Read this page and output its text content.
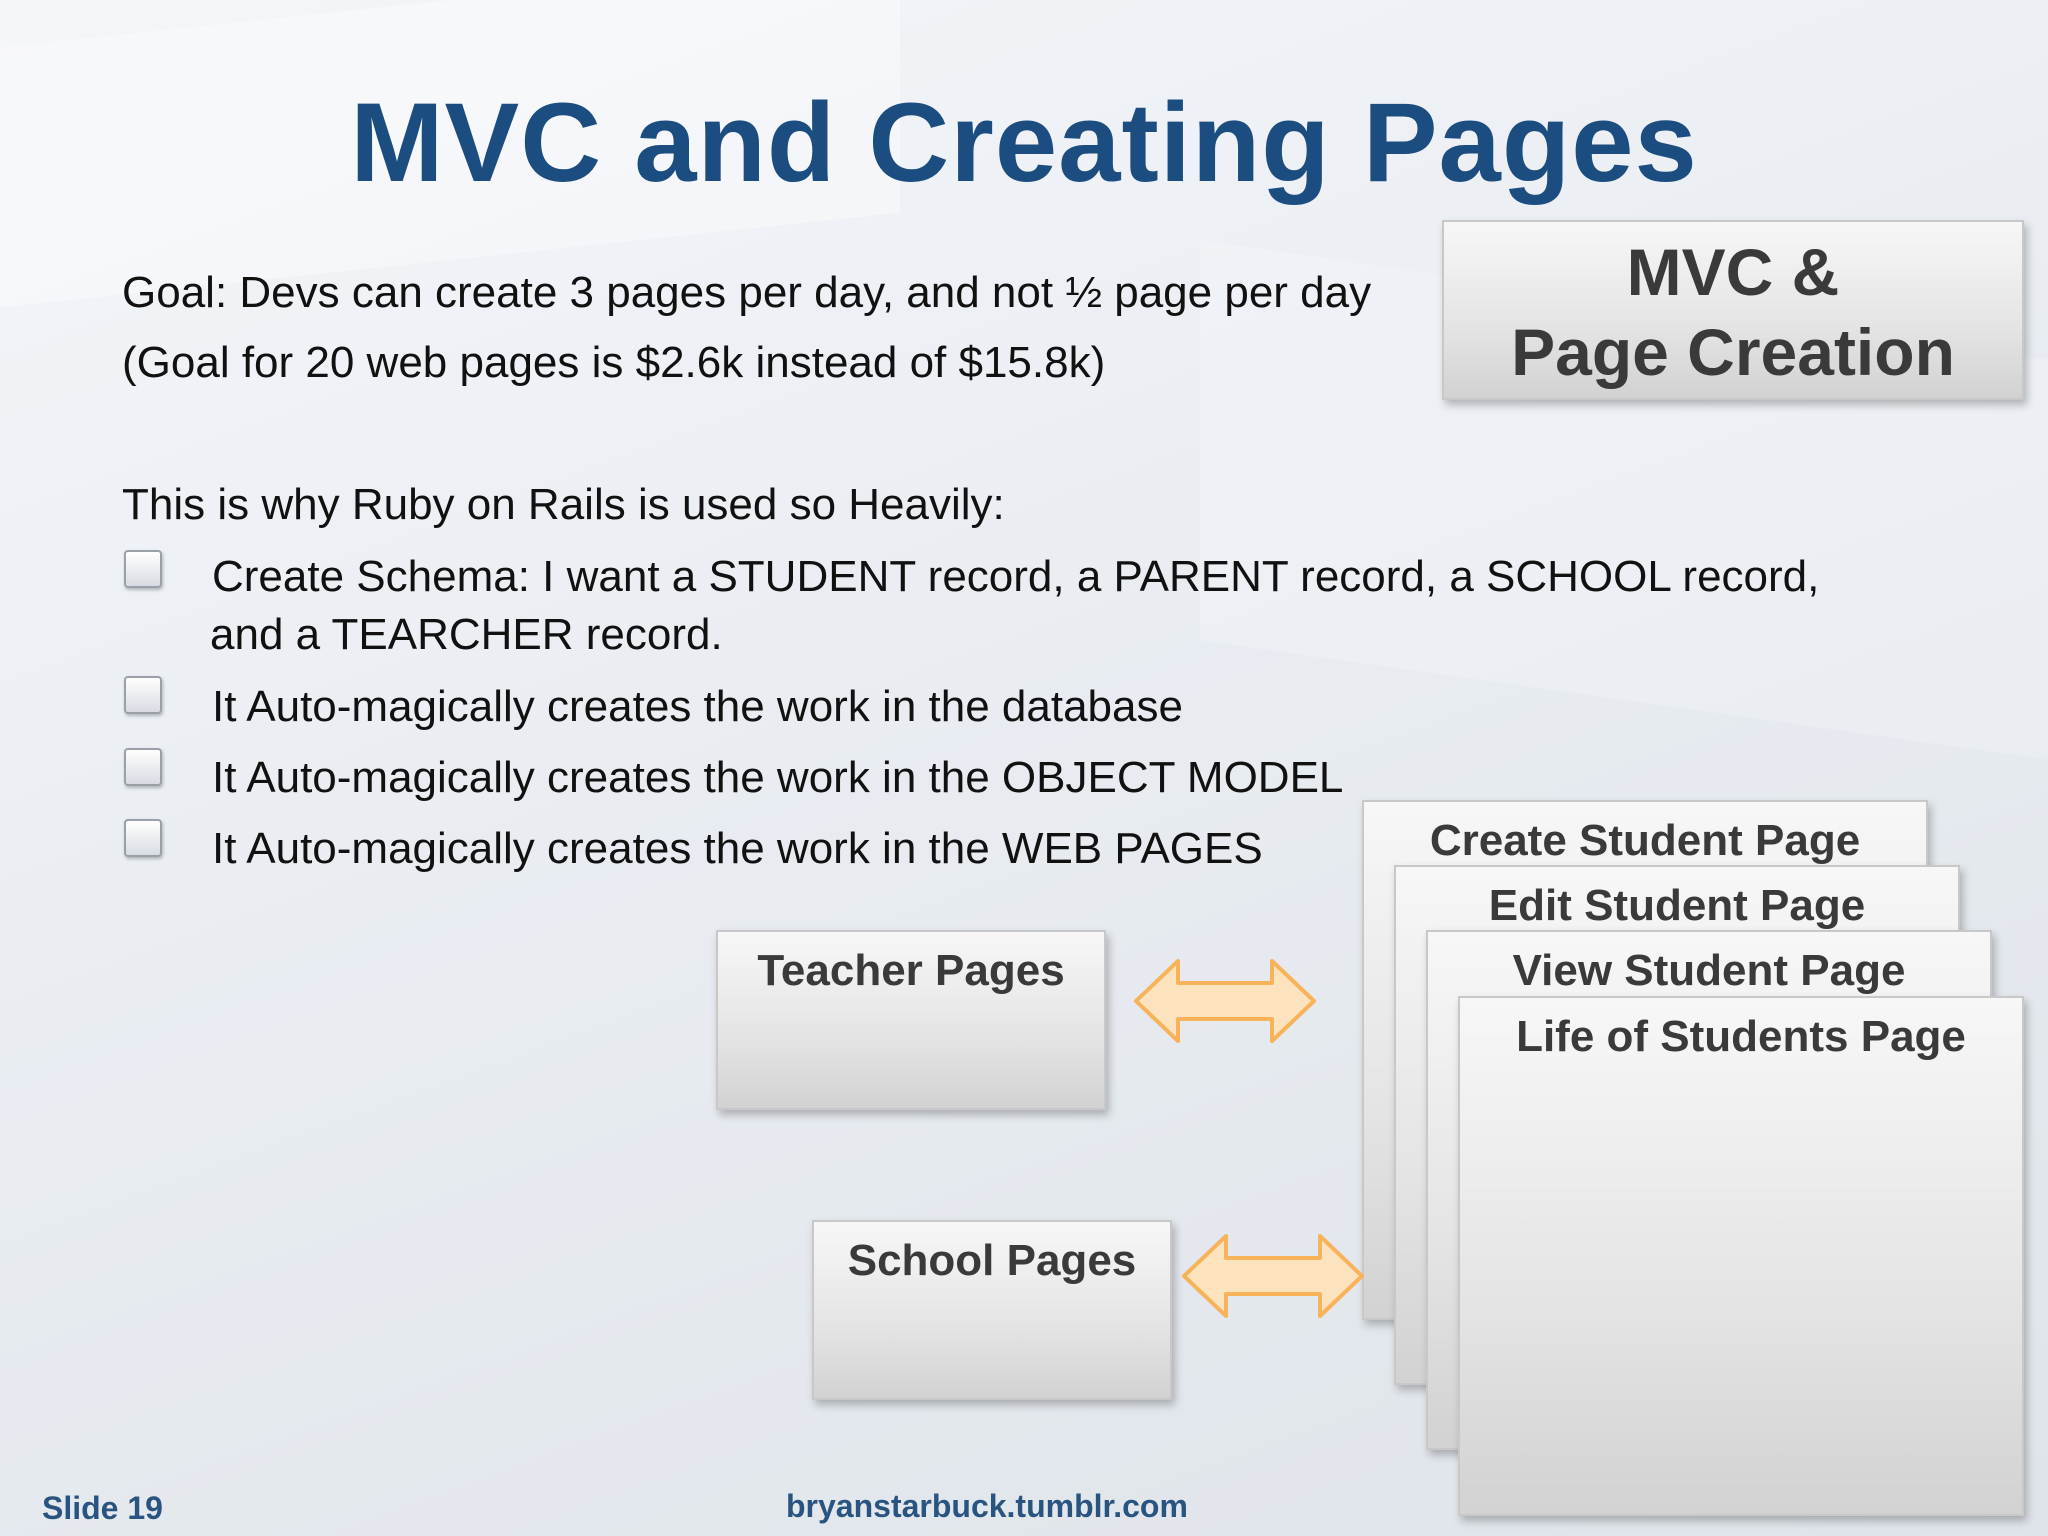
MVC and Creating Pages
MVC &
Page Creation
Goal: Devs can create 3 pages per day, and not ½ page per day
(Goal for 20 web pages is $2.6k instead of $15.8k)
This is why Ruby on Rails is used so Heavily:
Create Schema: I want a STUDENT record, a PARENT record, a SCHOOL record,
and a TEARCHER record.
It Auto-magically creates the work in the database
It Auto-magically creates the work in the OBJECT MODEL
It Auto-magically creates the work in the WEB PAGES	Create Student Page
Edit Student Page
View Student Page
Life of Students Page
Teacher Pages
School Pages
Slide 19	bryanstarbuck.tumblr.com
